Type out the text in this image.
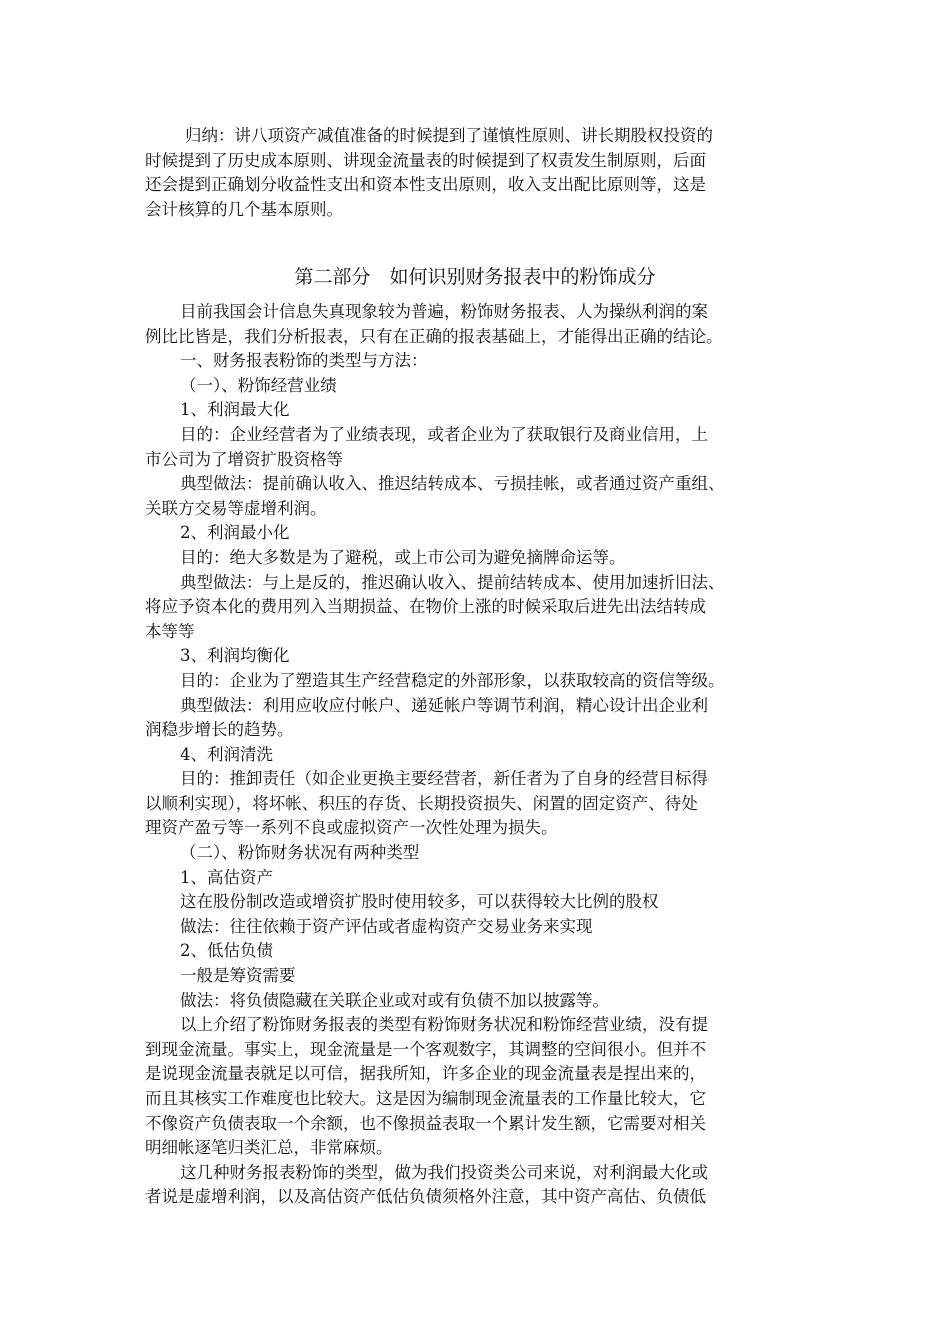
归纳：讲八项资产减值准备的时候提到了谨慎性原则、讲长期股权投资的

时候提到了历史成本原则、讲现金流量表的时候提到了权责发生制原则，后面

还会提到正确划分收益性支出和资本性支出原则，收入支出配比原则等，这是

会计核算的几个基本原则。

第二部分　如何识别财务报表中的粉饰成分

目前我国会计信息失真现象较为普遍，粉饰财务报表、人为操纵利润的案

例比比皆是，我们分析报表，只有在正确的报表基础上，才能得出正确的结论。

一、财务报表粉饰的类型与方法：

（一）、粉饰经营业绩

1、利润最大化

目的：企业经营者为了业绩表现，或者企业为了获取银行及商业信用，上

市公司为了增资扩股资格等

典型做法：提前确认收入、推迟结转成本、亏损挂帐，或者通过资产重组、

关联方交易等虚增利润。

2、利润最小化

目的：绝大多数是为了避税，或上市公司为避免摘牌命运等。

典型做法：与上是反的，推迟确认收入、提前结转成本、使用加速折旧法、

将应予资本化的费用列入当期损益、在物价上涨的时候采取后进先出法结转成

本等等

3、利润均衡化

目的：企业为了塑造其生产经营稳定的外部形象，以获取较高的资信等级。

典型做法：利用应收应付帐户、递延帐户等调节利润，精心设计出企业利

润稳步增长的趋势。

4、利润清洗

目的：推卸责任（如企业更换主要经营者，新任者为了自身的经营目标得

以顺利实现），将坏帐、积压的存货、长期投资损失、闲置的固定资产、待处

理资产盈亏等一系列不良或虚拟资产一次性处理为损失。

（二）、粉饰财务状况有两种类型

1、高估资产

这在股份制改造或增资扩股时使用较多，可以获得较大比例的股权

做法：往往依赖于资产评估或者虚构资产交易业务来实现

2、低估负债

一般是筹资需要

做法：将负债隐藏在关联企业或对或有负债不加以披露等。

以上介绍了粉饰财务报表的类型有粉饰财务状况和粉饰经营业绩，没有提

到现金流量。事实上，现金流量是一个客观数字，其调整的空间很小。但并不

是说现金流量表就足以可信，据我所知，许多企业的现金流量表是捏出来的，

而且其核实工作难度也比较大。这是因为编制现金流量表的工作量比较大，它

不像资产负债表取一个余额，也不像损益表取一个累计发生额，它需要对相关

明细帐逐笔归类汇总，非常麻烦。

这几种财务报表粉饰的类型，做为我们投资类公司来说，对利润最大化或

者说是虚增利润，以及高估资产低估负债须格外注意，其中资产高估、负债低
